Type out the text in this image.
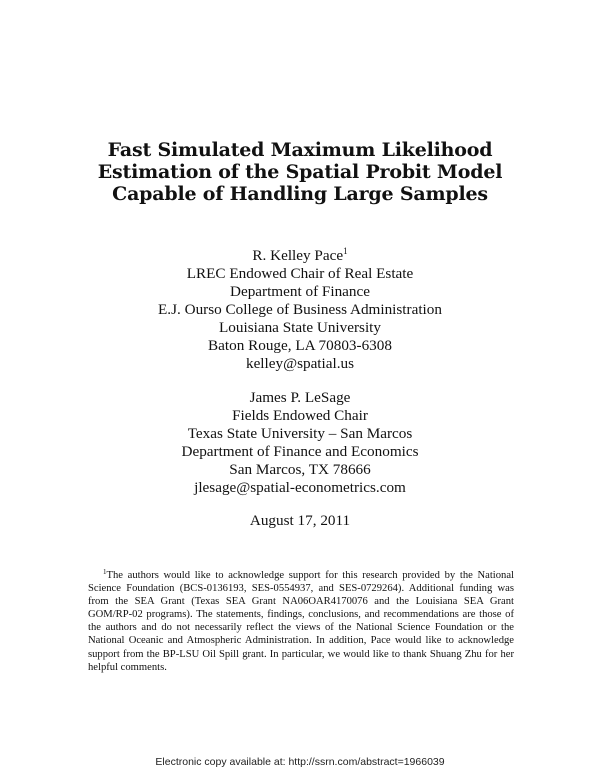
Fast Simulated Maximum Likelihood
Estimation of the Spatial Probit Model
Capable of Handling Large Samples
R. Kelley Pace$^1$
LREC Endowed Chair of Real Estate
Department of Finance
E.J. Ourso College of Business Administration
Louisiana State University
Baton Rouge, LA 70803-6308
kelley@spatial.us
James P. LeSage
Fields Endowed Chair
Texas State University – San Marcos
Department of Finance and Economics
San Marcos, TX 78666
jlesage@spatial-econometrics.com
August 17, 2011
$^1$The authors would like to acknowledge support for this research provided by the National Science Foundation (BCS-0136193, SES-0554937, and SES-0729264). Additional funding was from the SEA Grant (Texas SEA Grant NA06OAR4170076 and the Louisiana SEA Grant GOM/RP-02 programs). The statements, findings, conclusions, and recommendations are those of the authors and do not necessarily reflect the views of the National Science Foundation or the National Oceanic and Atmospheric Administration. In addition, Pace would like to acknowledge support from the BP-LSU Oil Spill grant. In particular, we would like to thank Shuang Zhu for her helpful comments.
Electronic copy available at: http://ssrn.com/abstract=1966039
